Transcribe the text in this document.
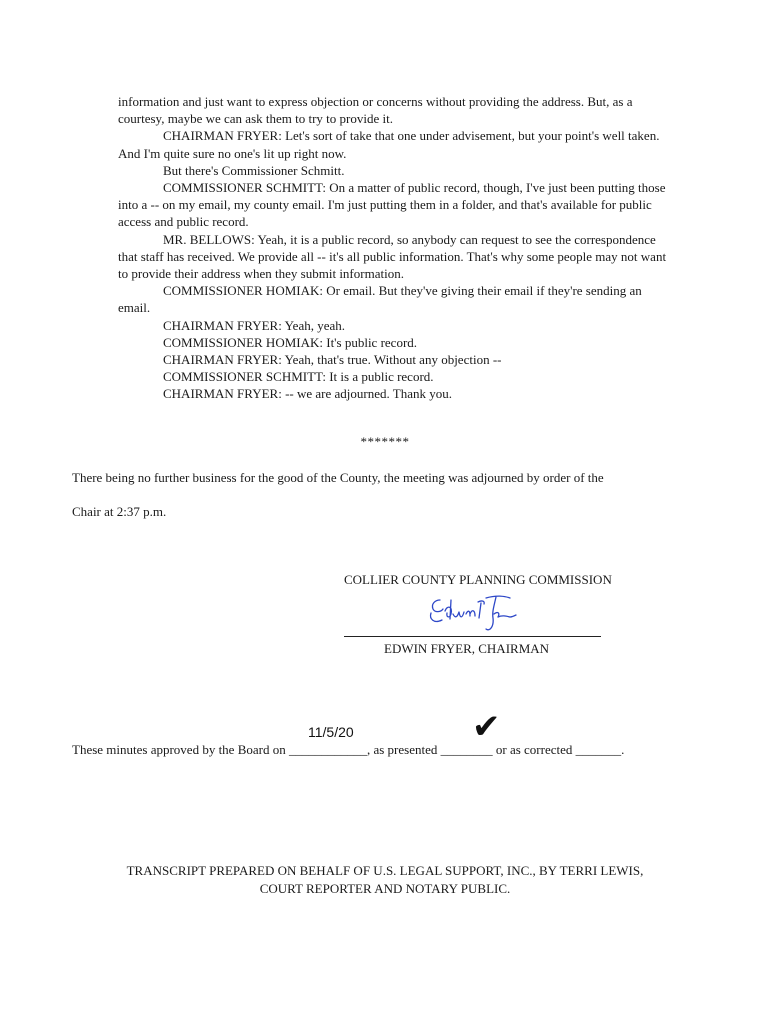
information and just want to express objection or concerns without providing the address. But, as a courtesy, maybe we can ask them to try to provide it.

CHAIRMAN FRYER: Let's sort of take that one under advisement, but your point's well taken. And I'm quite sure no one's lit up right now.

But there's Commissioner Schmitt.

COMMISSIONER SCHMITT: On a matter of public record, though, I've just been putting those into a -- on my email, my county email. I'm just putting them in a folder, and that's available for public access and public record.

MR. BELLOWS: Yeah, it is a public record, so anybody can request to see the correspondence that staff has received. We provide all -- it's all public information. That's why some people may not want to provide their address when they submit information.

COMMISSIONER HOMIAK: Or email. But they've giving their email if they're sending an email.

CHAIRMAN FRYER: Yeah, yeah.

COMMISSIONER HOMIAK: It's public record.

CHAIRMAN FRYER: Yeah, that's true. Without any objection --

COMMISSIONER SCHMITT: It is a public record.

CHAIRMAN FRYER: -- we are adjourned. Thank you.

*******
There being no further business for the good of the County, the meeting was adjourned by order of the
Chair at 2:37 p.m.
COLLIER COUNTY PLANNING COMMISSION
EDWIN FRYER, CHAIRMAN
11/5/20	✔
These minutes approved by the Board on ____________, as presented ________ or as corrected _______.
TRANSCRIPT PREPARED ON BEHALF OF U.S. LEGAL SUPPORT, INC., BY TERRI LEWIS,
COURT REPORTER AND NOTARY PUBLIC.
